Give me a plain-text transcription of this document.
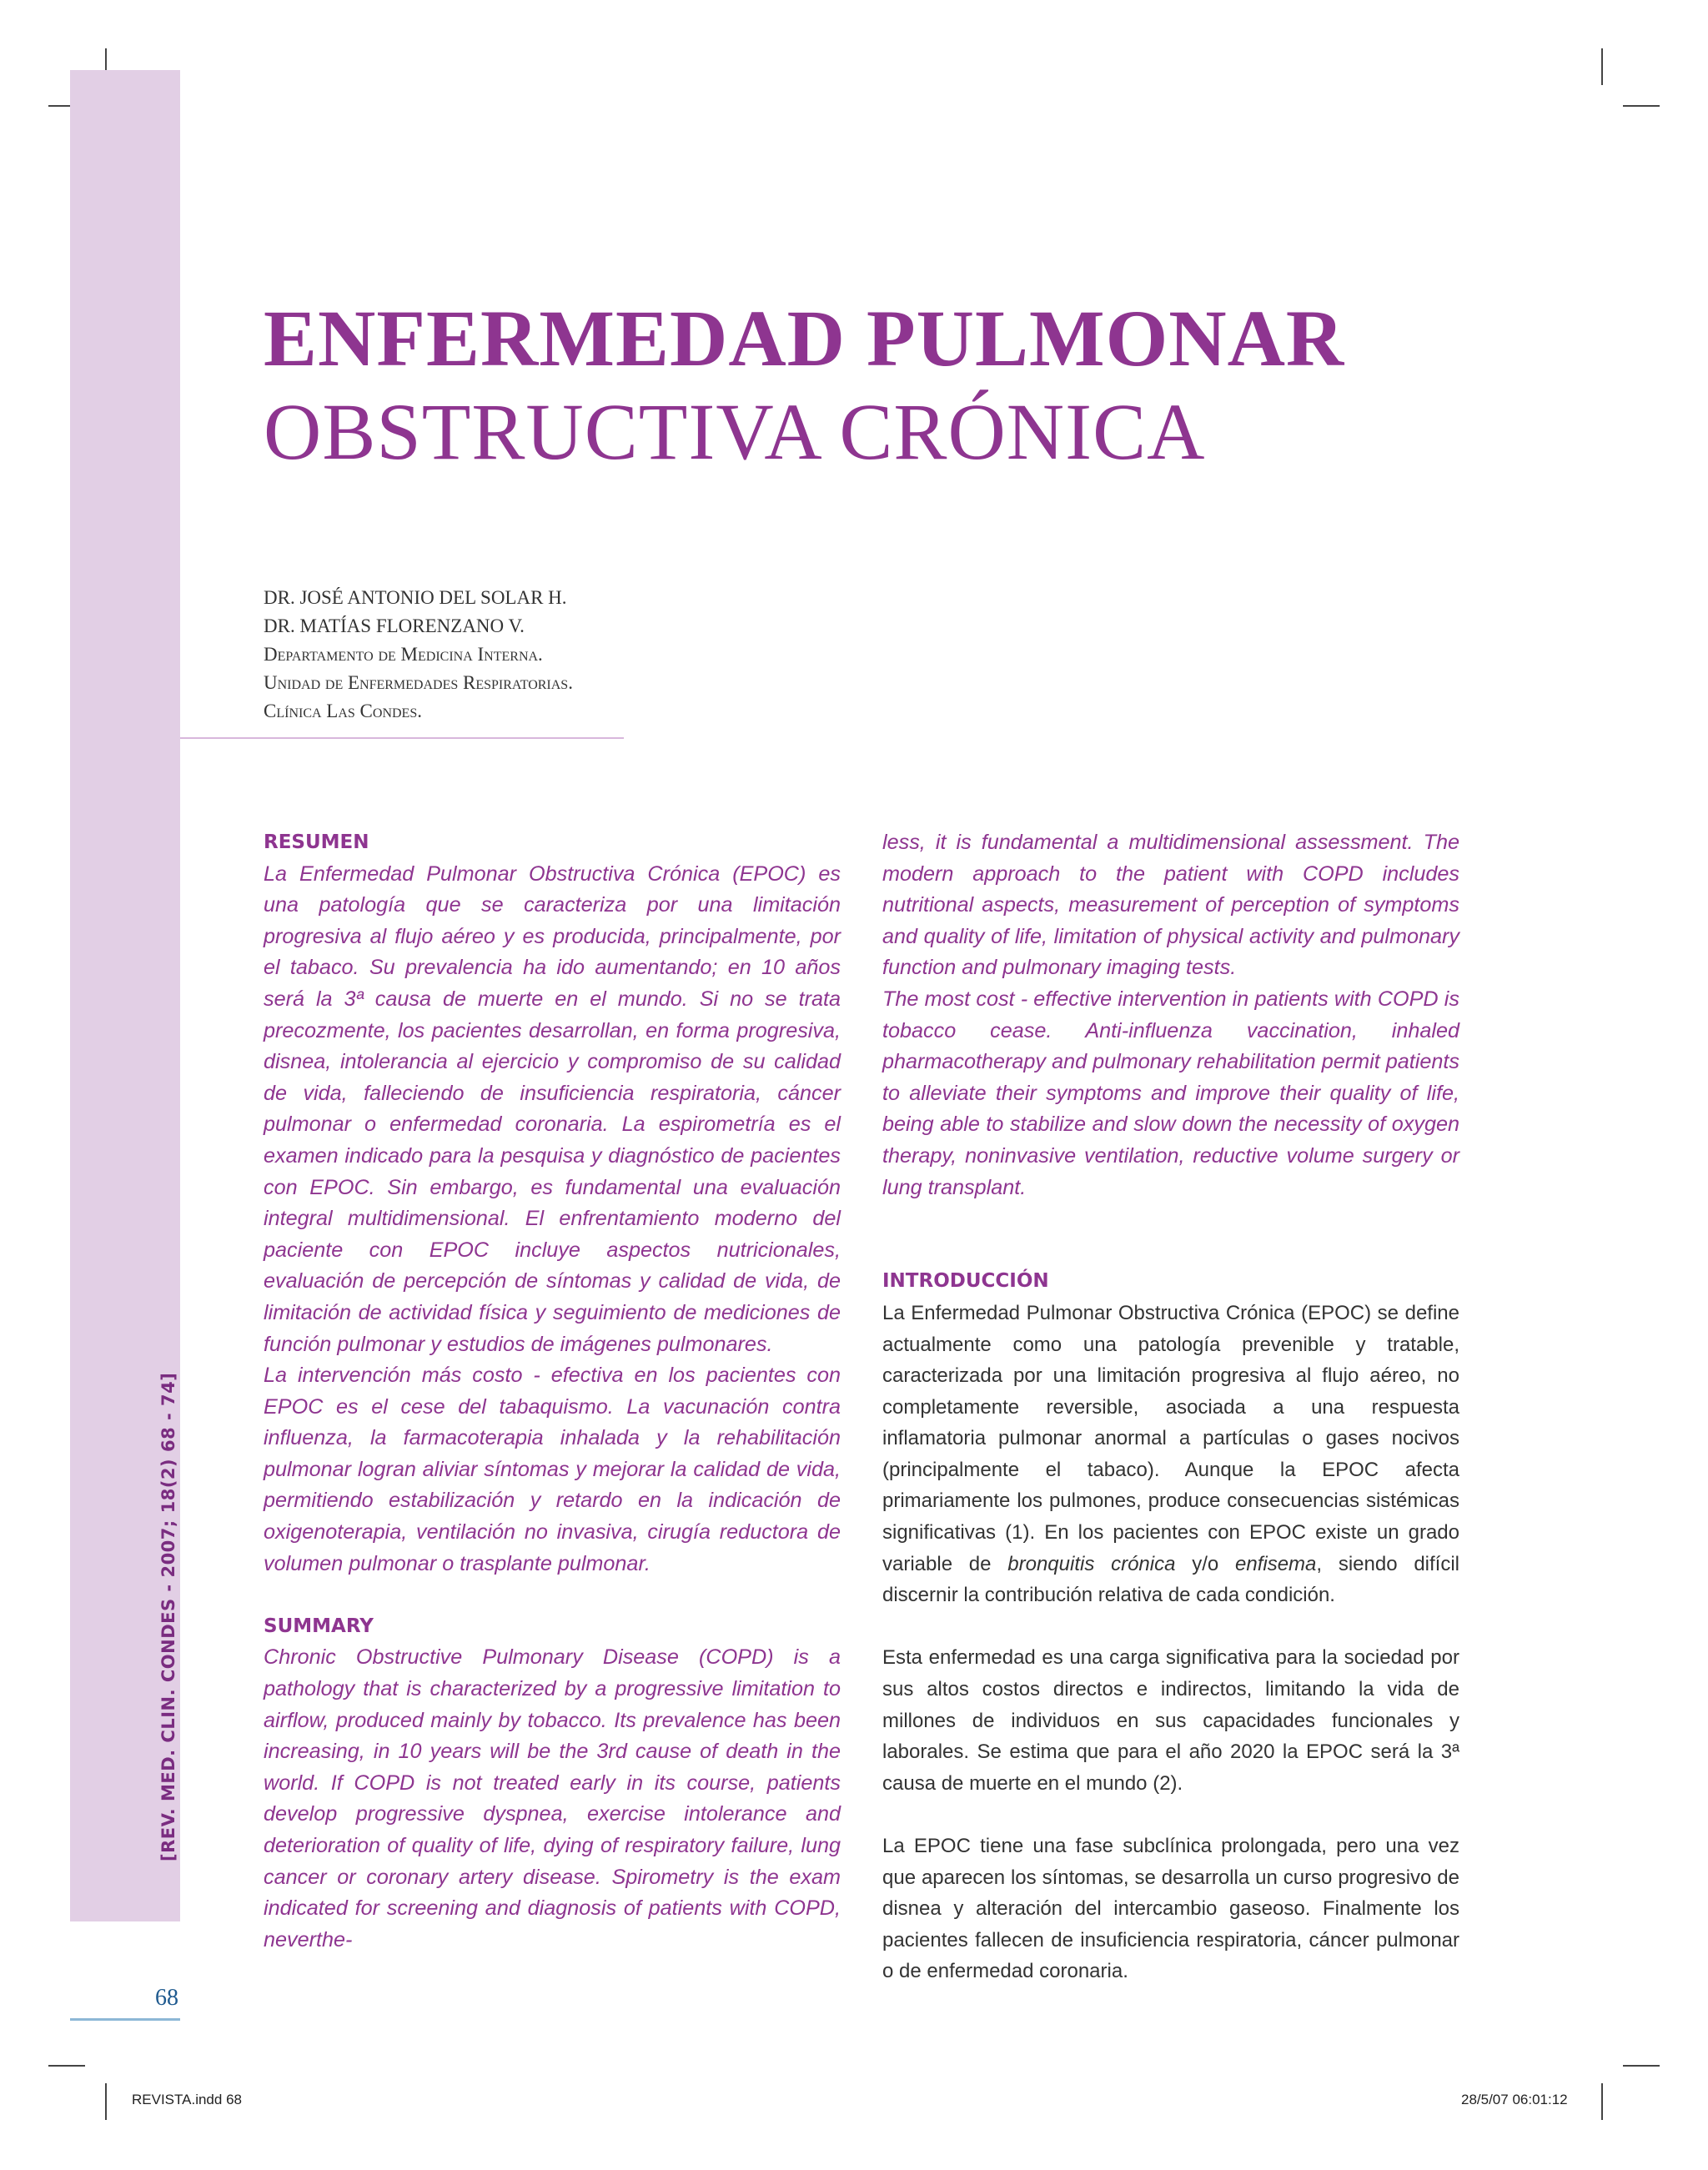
[REV. MED. CLIN. CONDES - 2007; 18(2) 68 - 74]
ENFERMEDAD PULMONAR
OBSTRUCTIVA CRÓNICA
DR. JOSÉ ANTONIO DEL SOLAR H.
DR. MATÍAS FLORENZANO V.
Departamento de Medicina Interna.
Unidad de Enfermedades Respiratorias.
Clínica Las Condes.
RESUMEN

La Enfermedad Pulmonar Obstructiva Crónica (EPOC) es una patología que se caracteriza por una limitación progresiva al flujo aéreo y es producida, principalmente, por el tabaco. Su prevalencia ha ido aumentando; en 10 años será la 3ª causa de muerte en el mundo. Si no se trata precozmente, los pacientes desarrollan, en forma progresiva, disnea, intolerancia al ejercicio y compromiso de su calidad de vida, falleciendo de insuficiencia respiratoria, cáncer pulmonar o enfermedad coronaria. La espirometría es el examen indicado para la pesquisa y diagnóstico de pacientes con EPOC. Sin embargo, es fundamental una evaluación integral multidimensional. El enfrentamiento moderno del paciente con EPOC incluye aspectos nutricionales, evaluación de percepción de síntomas y calidad de vida, de limitación de actividad física y seguimiento de mediciones de función pulmonar y estudios de imágenes pulmonares.

La intervención más costo - efectiva en los pacientes con EPOC es el cese del tabaquismo. La vacunación contra influenza, la farmacoterapia inhalada y la rehabilitación pulmonar logran aliviar síntomas y mejorar la calidad de vida, permitiendo estabilización y retardo en la indicación de oxigenoterapia, ventilación no invasiva, cirugía reductora de volumen pulmonar o trasplante pulmonar.

SUMMARY

Chronic Obstructive Pulmonary Disease (COPD) is a pathology that is characterized by a progressive limitation to airflow, produced mainly by tobacco. Its prevalence has been increasing, in 10 years will be the 3rd cause of death in the world. If COPD is not treated early in its course, patients develop progressive dyspnea, exercise intolerance and deterioration of quality of life, dying of respiratory failure, lung cancer or coronary artery disease. Spirometry is the exam indicated for screening and diagnosis of patients with COPD, neverthe-

less, it is fundamental a multidimensional assessment. The modern approach to the patient with COPD includes nutritional aspects, measurement of perception of symptoms and quality of life, limitation of physical activity and pulmonary function and pulmonary imaging tests.

The most cost - effective intervention in patients with COPD is tobacco cease. Anti-influenza vaccination, inhaled pharmacotherapy and pulmonary rehabilitation permit patients to alleviate their symptoms and improve their quality of life, being able to stabilize and slow down the necessity of oxygen therapy, noninvasive ventilation, reductive volume surgery or lung transplant.

INTRODUCCIÓN

La Enfermedad Pulmonar Obstructiva Crónica (EPOC) se define actualmente como una patología prevenible y tratable, caracterizada por una limitación progresiva al flujo aéreo, no completamente reversible, asociada a una respuesta inflamatoria pulmonar anormal a partículas o gases nocivos (principalmente el tabaco). Aunque la EPOC afecta primariamente los pulmones, produce consecuencias sistémicas significativas (1). En los pacientes con EPOC existe un grado variable de bronquitis crónica y/o enfisema, siendo difícil discernir la contribución relativa de cada condición.

Esta enfermedad es una carga significativa para la sociedad por sus altos costos directos e indirectos, limitando la vida de millones de individuos en sus capacidades funcionales y laborales. Se estima que para el año 2020 la EPOC será la 3ª causa de muerte en el mundo (2).

La EPOC tiene una fase subclínica prolongada, pero una vez que aparecen los síntomas, se desarrolla un curso progresivo de disnea y alteración del intercambio gaseoso. Finalmente los pacientes fallecen de insuficiencia respiratoria, cáncer pulmonar o de enfermedad coronaria.

68
REVISTA.indd 68	28/5/07 06:01:12
